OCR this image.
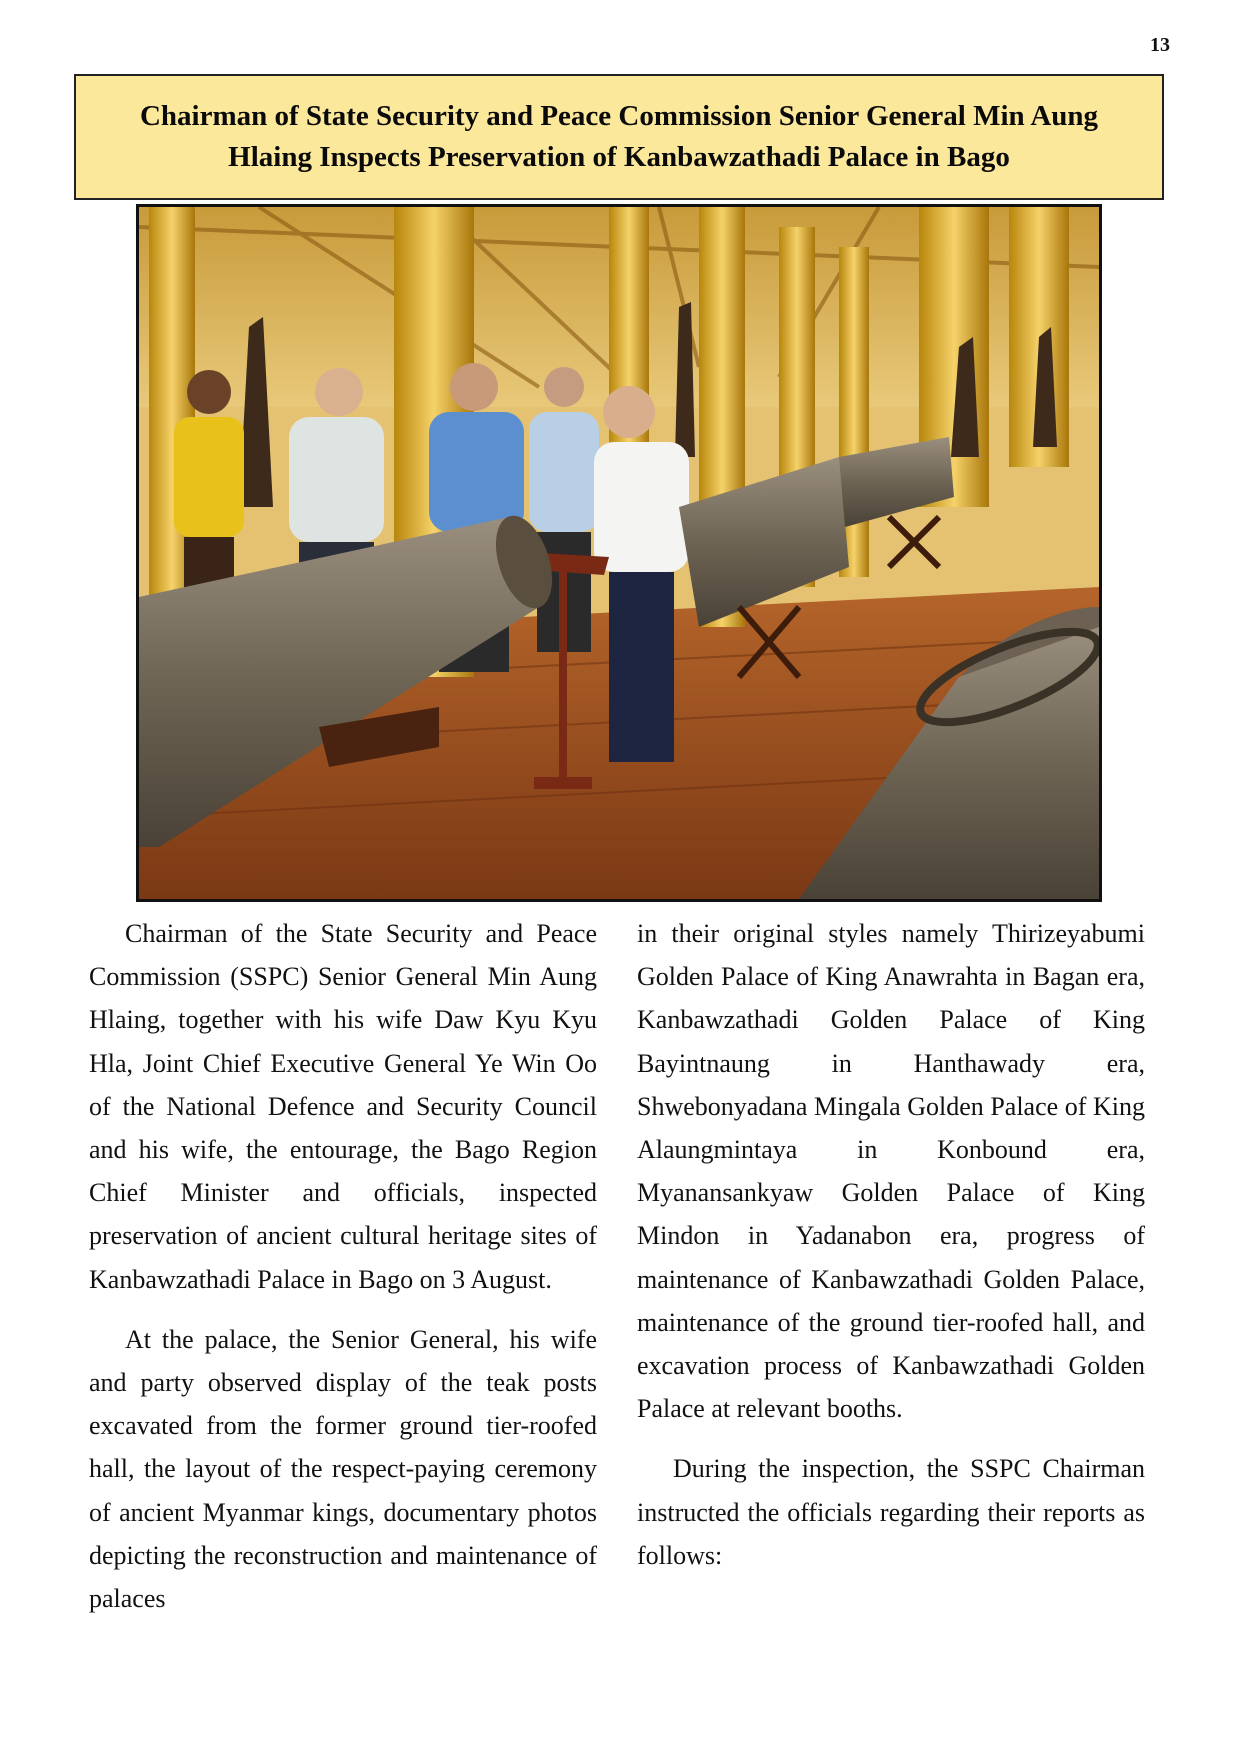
13
Chairman of State Security and Peace Commission Senior General Min Aung Hlaing Inspects Preservation of Kanbawzathadi Palace in Bago

Chairman of the State Security and Peace Commission (SSPC) Senior General Min Aung Hlaing, together with his wife Daw Kyu Kyu Hla, Joint Chief Executive General Ye Win Oo of the National Defence and Security Council and his wife, the entourage, the Bago Region Chief Minister and officials, inspected preservation of ancient cultural heritage sites of Kanbawzathadi Palace in Bago on 3 August.

At the palace, the Senior General, his wife and party observed display of the teak posts excavated from the former ground tier-roofed hall, the layout of the respect-paying ceremony of ancient Myanmar kings, documentary photos depicting the reconstruction and maintenance of palaces

in their original styles namely Thirizeyabumi Golden Palace of King Anawrahta in Bagan era, Kanbawzathadi Golden Palace of King Bayintnaung in Hanthawady era, Shwebonyadana Mingala Golden Palace of King Alaungmintaya in Konbound era, Myanansankyaw Golden Palace of King Mindon in Yadanabon era, progress of maintenance of Kanbawzathadi Golden Palace, maintenance of the ground tier-roofed hall, and excavation process of Kanbawzathadi Golden Palace at relevant booths.

During the inspection, the SSPC Chairman instructed the officials regarding their reports as follows:
